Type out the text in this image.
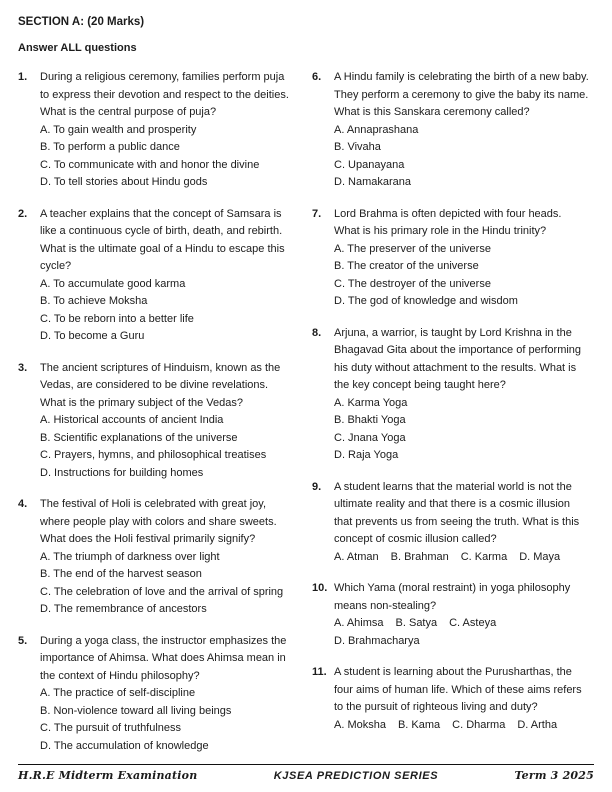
SECTION A: (20 Marks)
Answer ALL questions
1.	During a religious ceremony, families perform puja to express their devotion and respect to the deities. What is the central purpose of puja?
A. To gain wealth and prosperity
B. To perform a public dance
C. To communicate with and honor the divine
D. To tell stories about Hindu gods
2.	A teacher explains that the concept of Samsara is like a continuous cycle of birth, death, and rebirth. What is the ultimate goal of a Hindu to escape this cycle?
A. To accumulate good karma
B. To achieve Moksha
C. To be reborn into a better life
D. To become a Guru
3.	The ancient scriptures of Hinduism, known as the Vedas, are considered to be divine revelations. What is the primary subject of the Vedas?
A. Historical accounts of ancient India
B. Scientific explanations of the universe
C. Prayers, hymns, and philosophical treatises
D. Instructions for building homes
4.	The festival of Holi is celebrated with great joy, where people play with colors and share sweets. What does the Holi festival primarily signify?
A. The triumph of darkness over light
B. The end of the harvest season
C. The celebration of love and the arrival of spring
D. The remembrance of ancestors
5.	During a yoga class, the instructor emphasizes the importance of Ahimsa. What does Ahimsa mean in the context of Hindu philosophy?
A. The practice of self-discipline
B. Non-violence toward all living beings
C. The pursuit of truthfulness
D. The accumulation of knowledge
6.	A Hindu family is celebrating the birth of a new baby. They perform a ceremony to give the baby its name. What is this Sanskara ceremony called?
A. Annaprashana
B. Vivaha
C. Upanayana
D. Namakarana
7.	Lord Brahma is often depicted with four heads. What is his primary role in the Hindu trinity?
A. The preserver of the universe
B. The creator of the universe
C. The destroyer of the universe
D. The god of knowledge and wisdom
8.	Arjuna, a warrior, is taught by Lord Krishna in the Bhagavad Gita about the importance of performing his duty without attachment to the results. What is the key concept being taught here?
A. Karma Yoga
B. Bhakti Yoga
C. Jnana Yoga
D. Raja Yoga
9.	A student learns that the material world is not the ultimate reality and that there is a cosmic illusion that prevents us from seeing the truth. What is this concept of cosmic illusion called?
A. Atman B. Brahman C. Karma D. Maya
10. Which Yama (moral restraint) in yoga philosophy means non-stealing?
A. Ahimsa B. Satya C. AsteyaD. Brahmacharya
11. A student is learning about the Purusharthas, the four aims of human life. Which of these aims refers to the pursuit of righteous living and duty?
A. Moksha B. Kama C. Dharma D. Artha
H.R.E Midterm Examination	KJSEA PREDICTION SERIES	Term 3 2025
